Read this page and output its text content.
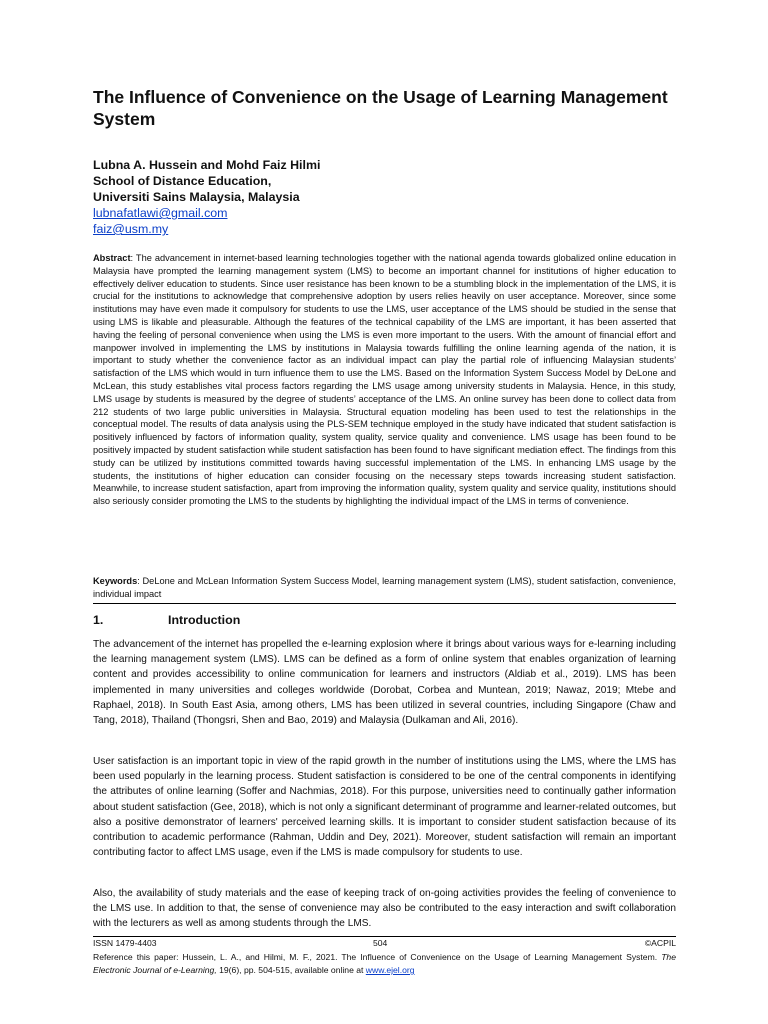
The Influence of Convenience on the Usage of Learning Management System
Lubna A. Hussein and Mohd Faiz Hilmi
School of Distance Education,
Universiti Sains Malaysia, Malaysia
lubnafatlawi@gmail.com
faiz@usm.my

Abstract: The advancement in internet-based learning technologies together with the national agenda towards globalized online education in Malaysia have prompted the learning management system (LMS) to become an important channel for institutions of higher education to effectively deliver education to students. Since user resistance has been known to be a stumbling block in the implementation of the LMS, it is crucial for the institutions to acknowledge that comprehensive adoption by users relies heavily on user acceptance. Moreover, since some institutions may have even made it compulsory for students to use the LMS, user acceptance of the LMS should be studied in the sense that using LMS is likable and pleasurable. Although the features of the technical capability of the LMS are important, it has been asserted that having the feeling of personal convenience when using the LMS is even more important to the users. With the amount of financial effort and manpower involved in implementing the LMS by institutions in Malaysia towards fulfilling the online learning agenda of the nation, it is important to study whether the convenience factor as an individual impact can play the partial role of influencing Malaysian students’ satisfaction of the LMS which would in turn influence them to use the LMS. Based on the Information System Success Model by DeLone and McLean, this study establishes vital process factors regarding the LMS usage among university students in Malaysia. Hence, in this study, LMS usage by students is measured by the degree of students’ acceptance of the LMS. An online survey has been done to collect data from 212 students of two large public universities in Malaysia. Structural equation modeling has been used to test the relationships in the conceptual model. The results of data analysis using the PLS-SEM technique employed in the study have indicated that student satisfaction is positively influenced by factors of information quality, system quality, service quality and convenience. LMS usage has been found to be positively impacted by student satisfaction while student satisfaction has been found to have significant mediation effect. The findings from this study can be utilized by institutions committed towards having successful implementation of the LMS. In enhancing LMS usage by the students, the institutions of higher education can consider focusing on the necessary steps towards increasing student satisfaction. Meanwhile, to increase student satisfaction, apart from improving the information quality, system quality and service quality, institutions should also seriously consider promoting the LMS to the students by highlighting the individual impact of the LMS in terms of convenience.

Keywords: DeLone and McLean Information System Success Model, learning management system (LMS), student satisfaction, convenience, individual impact

1.	Introduction

The advancement of the internet has propelled the e-learning explosion where it brings about various ways for e-learning including the learning management system (LMS). LMS can be defined as a form of online system that enables organization of learning content and provides accessibility to online communication for learners and instructors (Aldiab et al., 2019). LMS has been implemented in many universities and colleges worldwide (Dorobat, Corbea and Muntean, 2019; Nawaz, 2019; Mtebe and Raphael, 2018). In South East Asia, among others, LMS has been utilized in several countries, including Singapore (Chaw and Tang, 2018), Thailand (Thongsri, Shen and Bao, 2019) and Malaysia (Dulkaman and Ali, 2016).

User satisfaction is an important topic in view of the rapid growth in the number of institutions using the LMS, where the LMS has been used popularly in the learning process. Student satisfaction is considered to be one of the central components in identifying the attributes of online learning (Soffer and Nachmias, 2018). For this purpose, universities need to continually gather information about student satisfaction (Gee, 2018), which is not only a significant determinant of programme and learner-related outcomes, but also a positive demonstrator of learners' perceived learning skills. It is important to consider student satisfaction because of its contribution to academic performance (Rahman, Uddin and Dey, 2021). Moreover, student satisfaction will remain an important contributing factor to affect LMS usage, even if the LMS is made compulsory for students to use.

Also, the availability of study materials and the ease of keeping track of on-going activities provides the feeling of convenience to the LMS use. In addition to that, the sense of convenience may also be contributed to the easy interaction and swift collaboration with the lecturers as well as among students through the LMS.

ISSN 1479-4403	504	©ACPIL

Reference this paper: Hussein, L. A., and Hilmi, M. F., 2021. The Influence of Convenience on the Usage of Learning Management System. The Electronic Journal of e-Learning, 19(6), pp. 504-515, available online at www.ejel.org
